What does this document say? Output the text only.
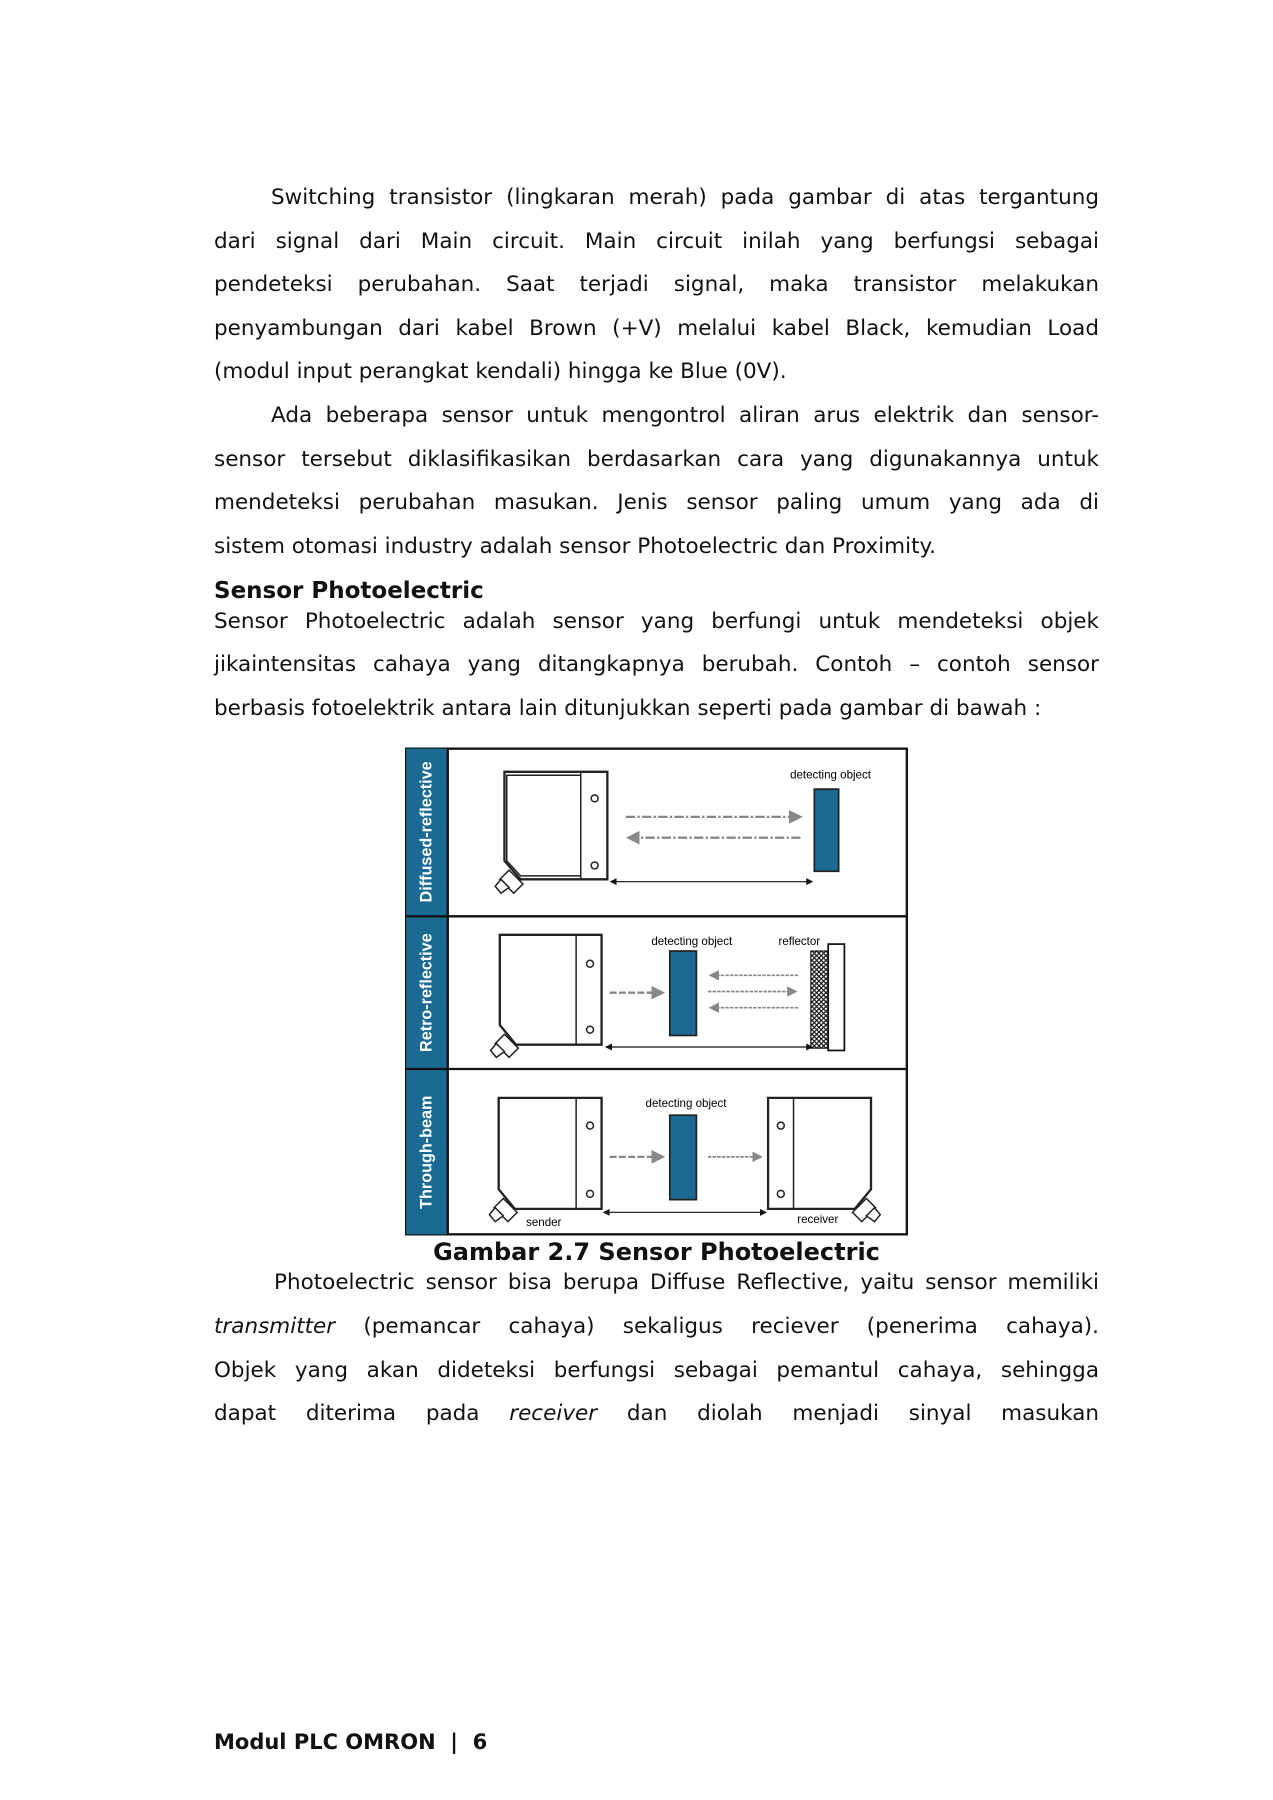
Switching transistor (lingkaran merah) pada gambar di atas tergantung
dari signal dari Main circuit. Main circuit inilah yang berfungsi sebagai
pendeteksi perubahan. Saat terjadi signal, maka transistor melakukan
penyambungan dari kabel Brown (+V) melalui kabel Black, kemudian Load
(modul input perangkat kendali) hingga ke Blue (0V).
Ada beberapa sensor untuk mengontrol aliran arus elektrik dan sensor-
sensor tersebut diklasifikasikan berdasarkan cara yang digunakannya untuk
mendeteksi perubahan masukan. Jenis sensor paling umum yang ada di
sistem otomasi industry adalah sensor Photoelectric dan Proximity.
Sensor Photoelectric
Sensor Photoelectric adalah sensor yang berfungi untuk mendeteksi objek
jikaintensitas cahaya yang ditangkapnya berubah. Contoh – contoh sensor
berbasis fotoelektrik antara lain ditunjukkan seperti pada gambar di bawah :
Diffused-reflective
Retro-reflective
Through-beam
detecting object
detecting object	reflector
detecting object
sender	receiver
Gambar 2.7 Sensor Photoelectric
Photoelectric sensor bisa berupa Diffuse Reflective, yaitu sensor memiliki
transmitter (pemancar cahaya) sekaligus reciever (penerima cahaya).
Objek yang akan dideteksi berfungsi sebagai pemantul cahaya, sehingga
dapat diterima pada receiver dan diolah menjadi sinyal masukan
Modul PLC OMRON  |  6
